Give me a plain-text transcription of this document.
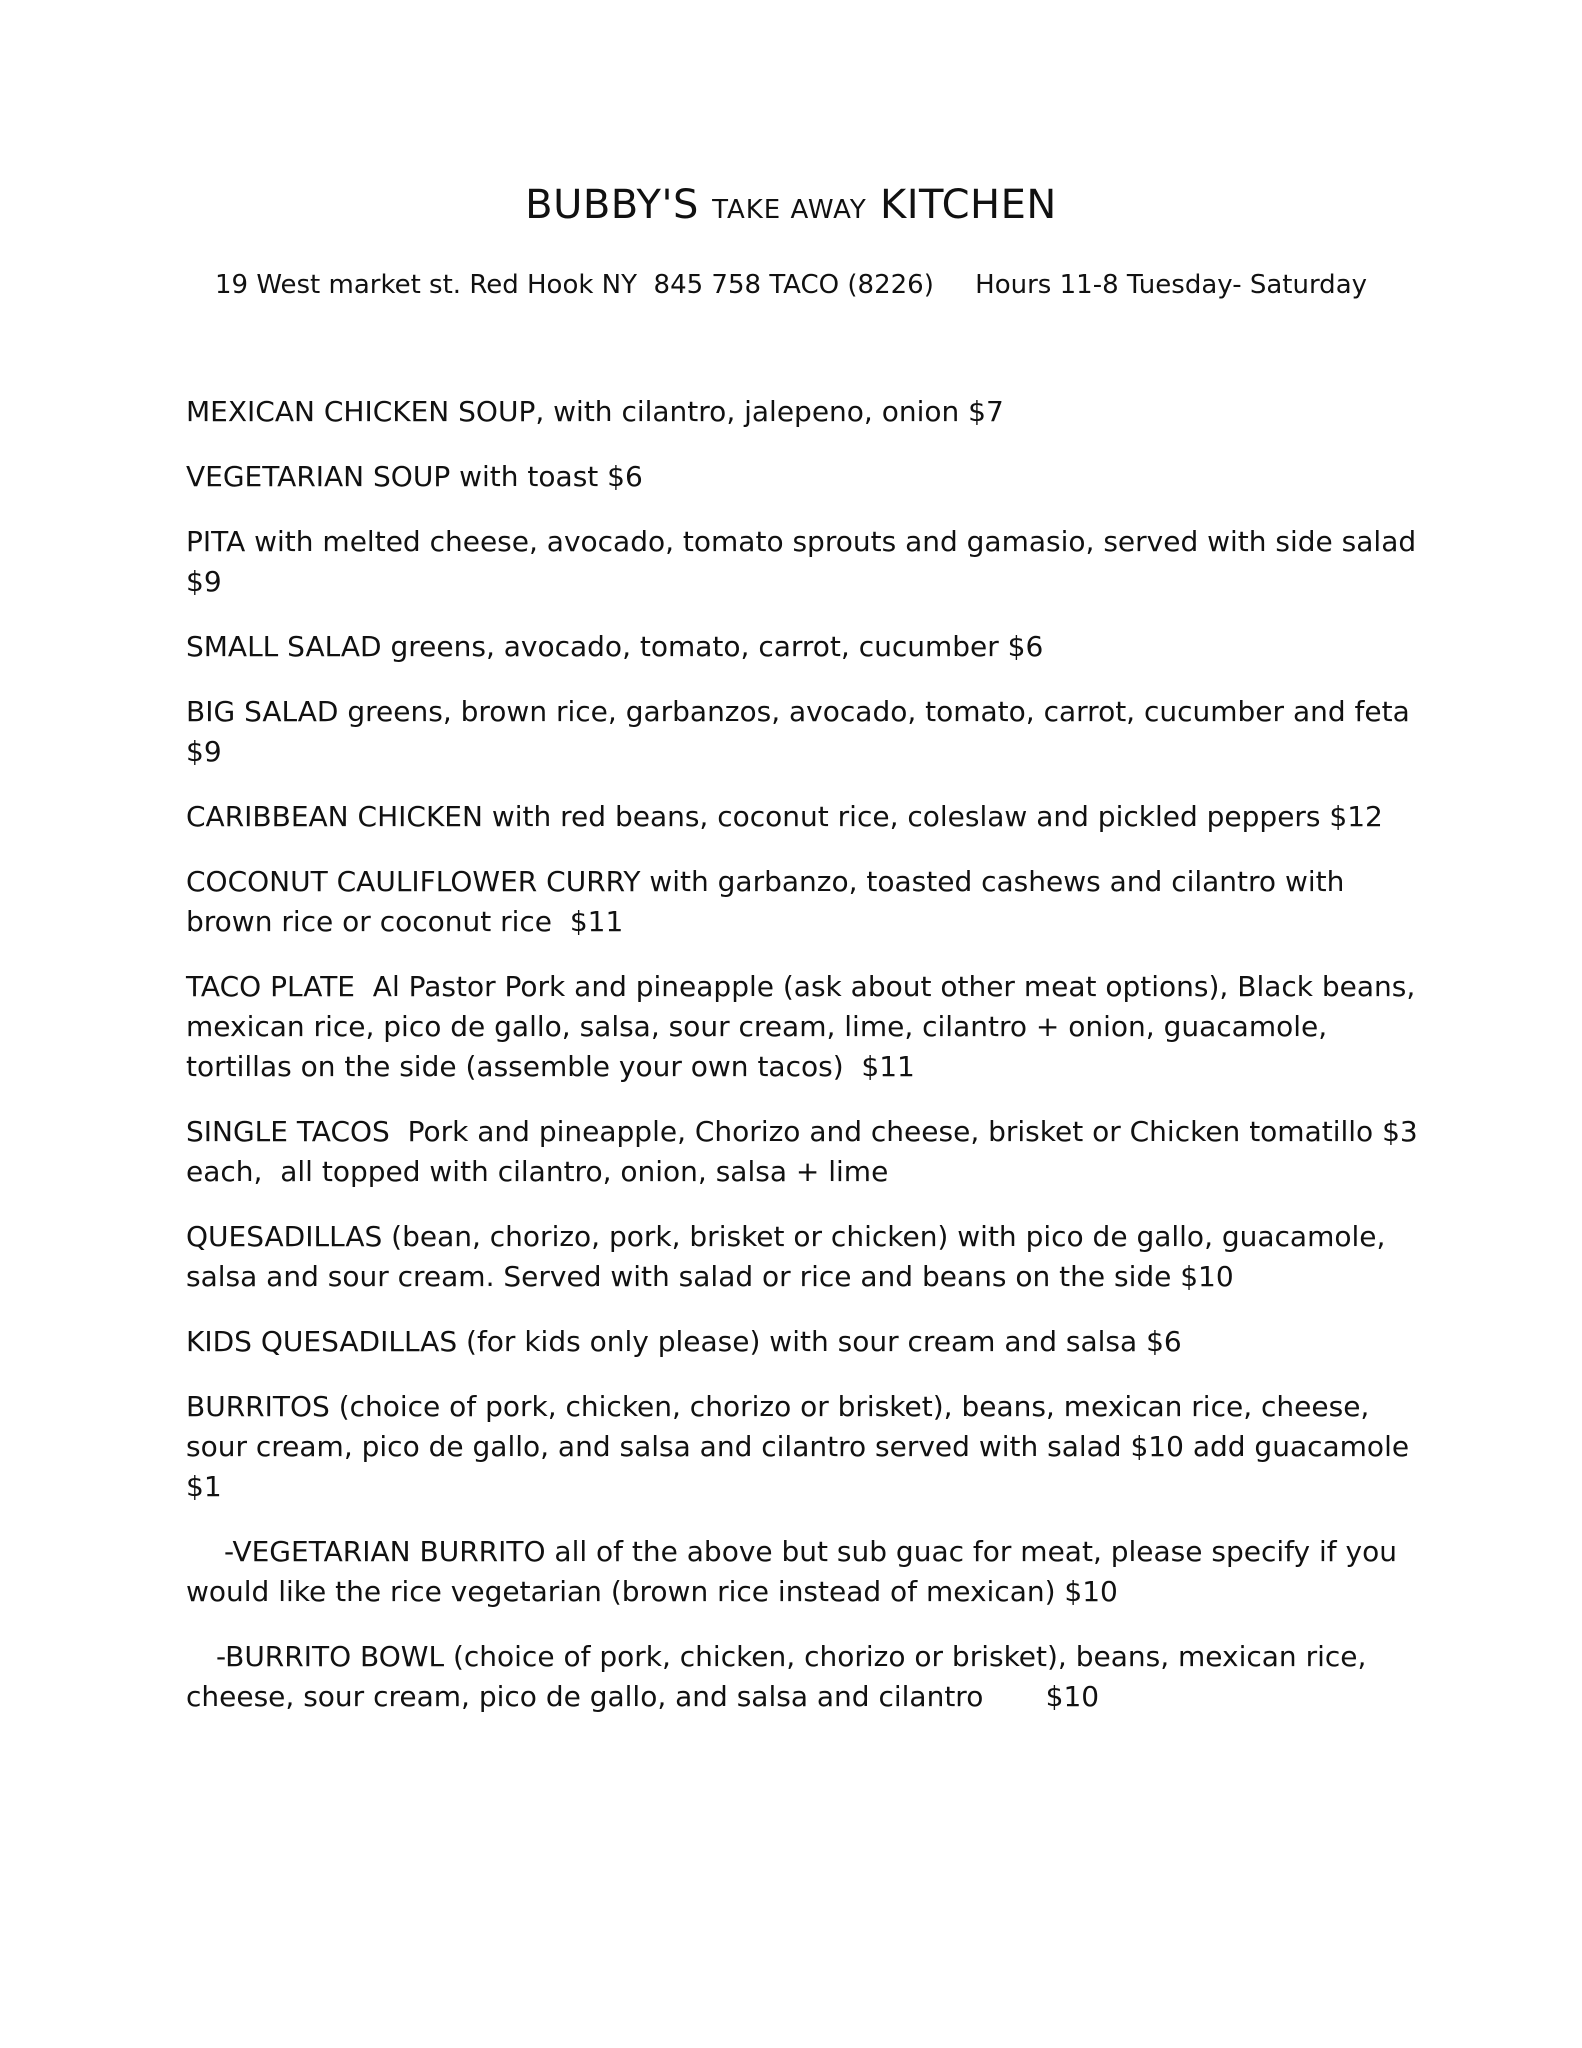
BUBBY'S TAKE AWAY KITCHEN
19 West market st. Red Hook NY  845 758 TACO (8226)     Hours 11-8 Tuesday- Saturday

MEXICAN CHICKEN SOUP, with cilantro, jalepeno, onion $7

VEGETARIAN SOUP with toast $6

PITA with melted cheese, avocado, tomato sprouts and gamasio, served with side salad $9

SMALL SALAD greens, avocado, tomato, carrot, cucumber $6

BIG SALAD greens, brown rice, garbanzos, avocado, tomato, carrot, cucumber and feta $9

CARIBBEAN CHICKEN with red beans, coconut rice, coleslaw and pickled peppers $12

COCONUT CAULIFLOWER CURRY with garbanzo, toasted cashews and cilantro with brown rice or coconut rice  $11

TACO PLATE  Al Pastor Pork and pineapple (ask about other meat options), Black beans, mexican rice, pico de gallo, salsa, sour cream, lime, cilantro + onion, guacamole, tortillas on the side (assemble your own tacos)  $11

SINGLE TACOS  Pork and pineapple, Chorizo and cheese, brisket or Chicken tomatillo $3 each,  all topped with cilantro, onion, salsa + lime

QUESADILLAS (bean, chorizo, pork, brisket or chicken) with pico de gallo, guacamole, salsa and sour cream. Served with salad or rice and beans on the side $10

KIDS QUESADILLAS (for kids only please) with sour cream and salsa $6

BURRITOS (choice of pork, chicken, chorizo or brisket), beans, mexican rice, cheese, sour cream, pico de gallo, and salsa and cilantro served with salad $10 add guacamole $1

-VEGETARIAN BURRITO all of the above but sub guac for meat, please specify if you would like the rice vegetarian (brown rice instead of mexican) $10

-BURRITO BOWL (choice of pork, chicken, chorizo or brisket), beans, mexican rice, cheese, sour cream, pico de gallo, and salsa and cilantro       $10
